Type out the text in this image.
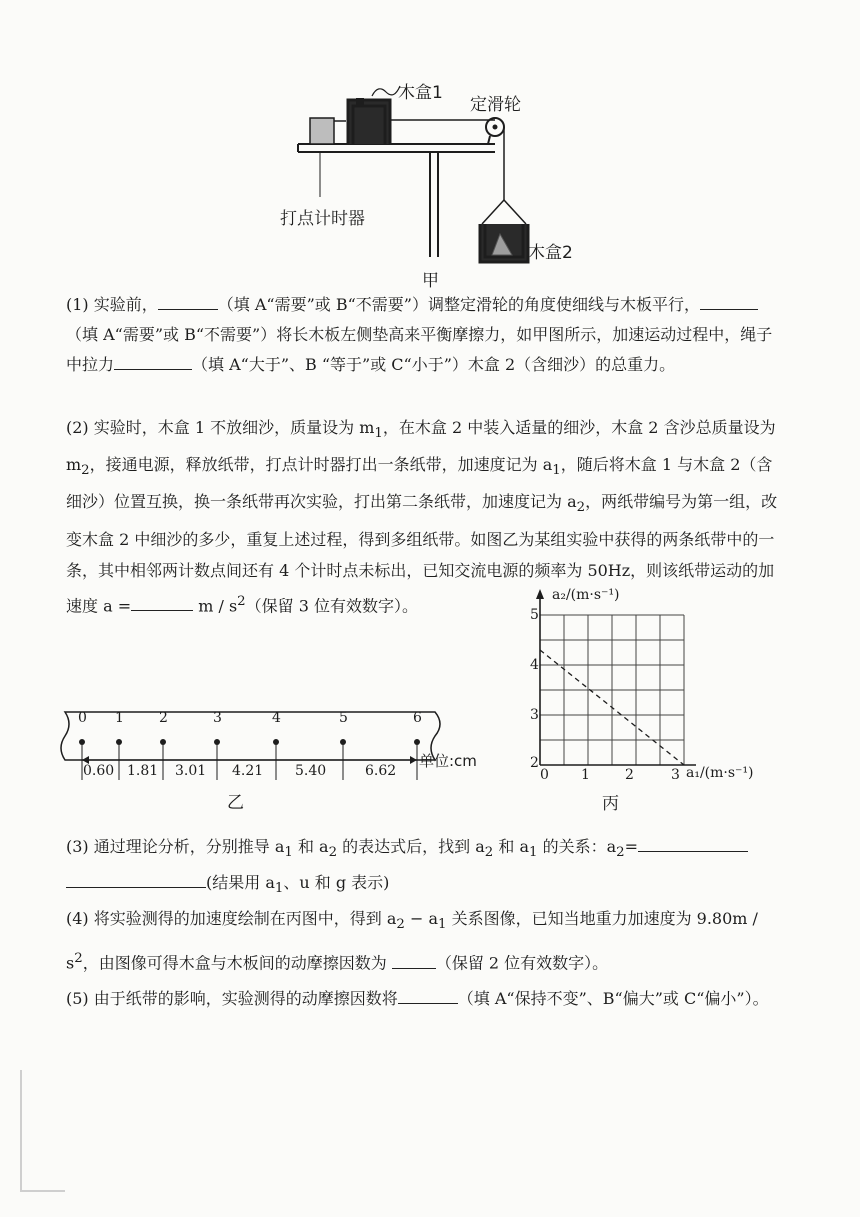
木盒1
定滑轮
打点计时器
木盒2
甲
(1) 实验前，	（填 A“需要”或 B“不需要”）调整定滑轮的角度使细线与木板平行，（填 A“需要”或 B“不需要”）将长木板左侧垫高来平衡摩擦力，如甲图所示，加速运动过程中，绳子中拉力	（填 A“大于”、B “等于”或 C“小于”）木盒 2（含细沙）的总重力。
(2) 实验时，木盒 1 不放细沙，质量设为 $m_1$，在木盒 2 中装入适量的细沙，木盒 2 含沙总质量设为 $m_2$，接通电源，释放纸带，打点计时器打出一条纸带，加速度记为 $a_1$，随后将木盒 1 与木盒 2（含细沙）位置互换，换一条纸带再次实验，打出第二条纸带，加速度记为 $a_2$，两纸带编号为第一组，改变木盒 2 中细沙的多少，重复上述过程，得到多组纸带。如图乙为某组实验中获得的两条纸带中的一条，其中相邻两计数点间还有 4 个计时点未标出，已知交流电源的频率为 50Hz，则该纸带运动的加速度 a =	m / $s^2$（保留 3 位有效数字）。
0 1	2	3	4	5	6
0.60 1.81 3.01 4.21 5.40	6.62
单位:cm
乙
5
4
3
2
0 1	2	3
a₂/(m·s⁻¹)
a₁/(m·s⁻¹)
丙
(3) 通过理论分析，分别推导 $a_1$ 和 $a_2$ 的表达式后，找到 $a_2$ 和 $a_1$ 的关系：$a_2=$
(结果用 $a_1$、u 和 g 表示)
(4) 将实验测得的加速度绘制在丙图中，得到 $a_2 - a_1$ 关系图像，已知当地重力加速度为 $9.80m / s^2$，由图像可得木盒与木板间的动摩擦因数为	（保留 2 位有效数字）。
(5) 由于纸带的影响，实验测得的动摩擦因数将	（填 A“保持不变”、B“偏大”或 C“偏小”）。
